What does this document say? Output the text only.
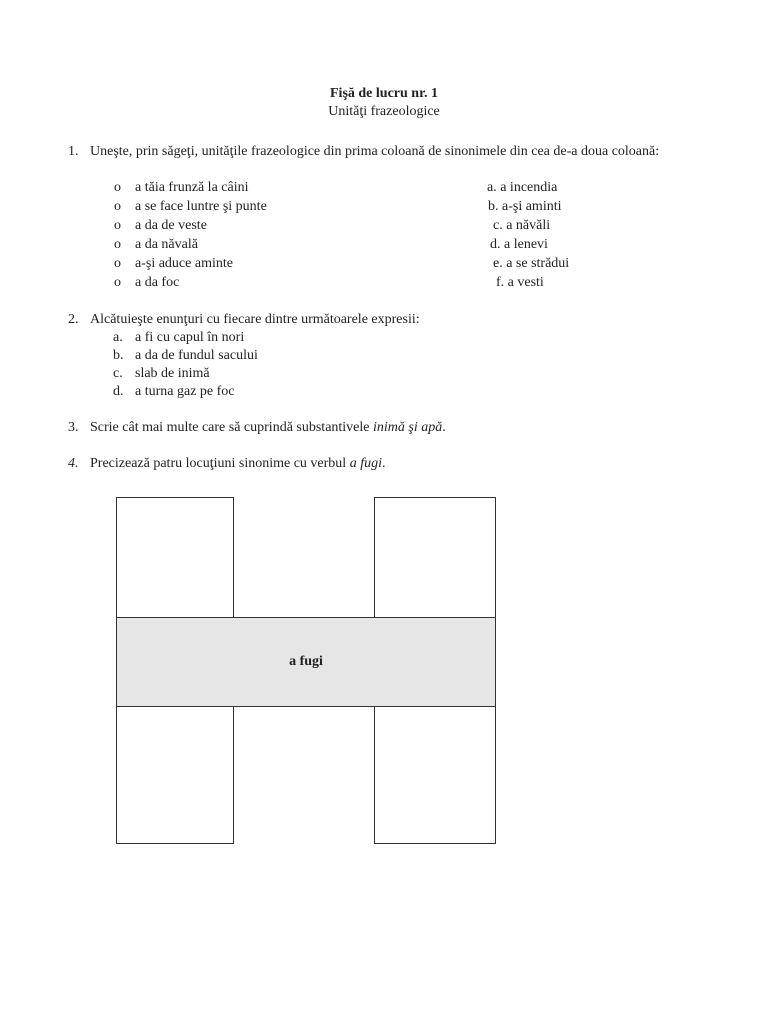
Fişă de lucru nr. 1
Unităţi frazeologice
1. Uneşte, prin săgeţi, unităţile frazeologice din prima coloană de sinonimele din cea de-a doua coloană:
o a tăia frunză la câini
o a se face luntre şi punte
o a da de veste
o a da năvală
o a-şi aduce aminte
o a da foc
a. a incendia
b. a-şi aminti
c. a năvăli
d. a lenevi
e. a se strădui
f. a vesti
2. Alcătuieşte enunţuri cu fiecare dintre următoarele expresii:
a. a fi cu capul în nori
b. a da de fundul sacului
c. slab de inimă
d. a turna gaz pe foc
3. Scrie cât mai multe care să cuprindă substantivele inimă şi apă.
4. Precizează patru locuţiuni sinonime cu verbul a fugi.
a fugi
